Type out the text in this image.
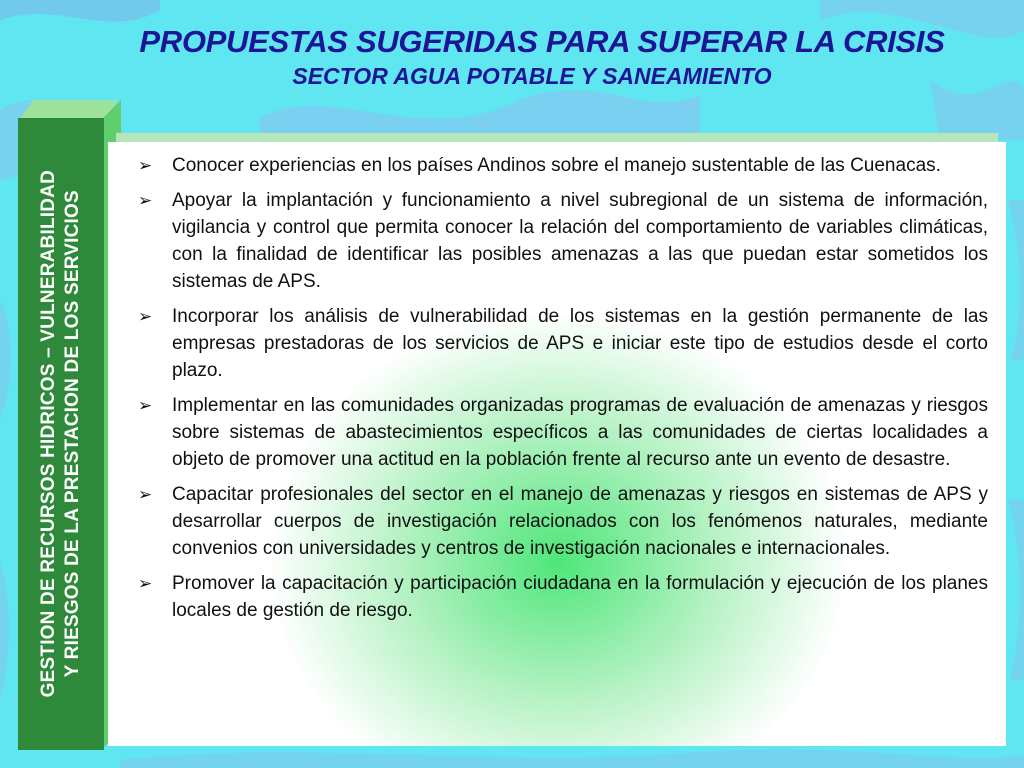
PROPUESTAS SUGERIDAS PARA SUPERAR LA CRISIS
SECTOR AGUA POTABLE Y SANEAMIENTO
GESTION DE RECURSOS HIDRICOS – VULNERABILIDAD
Y RIESGOS DE LA PRESTACION DE LOS SERVICIOS
➢ Conocer experiencias en los países Andinos sobre el manejo sustentable de las Cuenacas.
➢ Apoyar la implantación y funcionamiento a nivel subregional de un sistema de información, vigilancia y control que permita conocer la relación del comportamiento de variables climáticas, con la finalidad de identificar las posibles amenazas a las que puedan estar sometidos los sistemas de APS.
➢ Incorporar los análisis de vulnerabilidad de los sistemas en la gestión permanente de las empresas prestadoras de los servicios de APS e iniciar este tipo de estudios desde el corto plazo.
➢ Implementar en las comunidades organizadas programas de evaluación de amenazas y riesgos sobre sistemas de abastecimientos específicos a las comunidades de ciertas localidades a objeto de promover una actitud en la población frente al recurso ante un evento de desastre.
➢ Capacitar profesionales del sector en el manejo de amenazas y riesgos en sistemas de APS y desarrollar cuerpos de investigación relacionados con los fenómenos naturales, mediante convenios con universidades y centros de investigación nacionales e internacionales.
➢ Promover la capacitación y participación ciudadana en la formulación y ejecución de los planes locales de gestión de riesgo.
